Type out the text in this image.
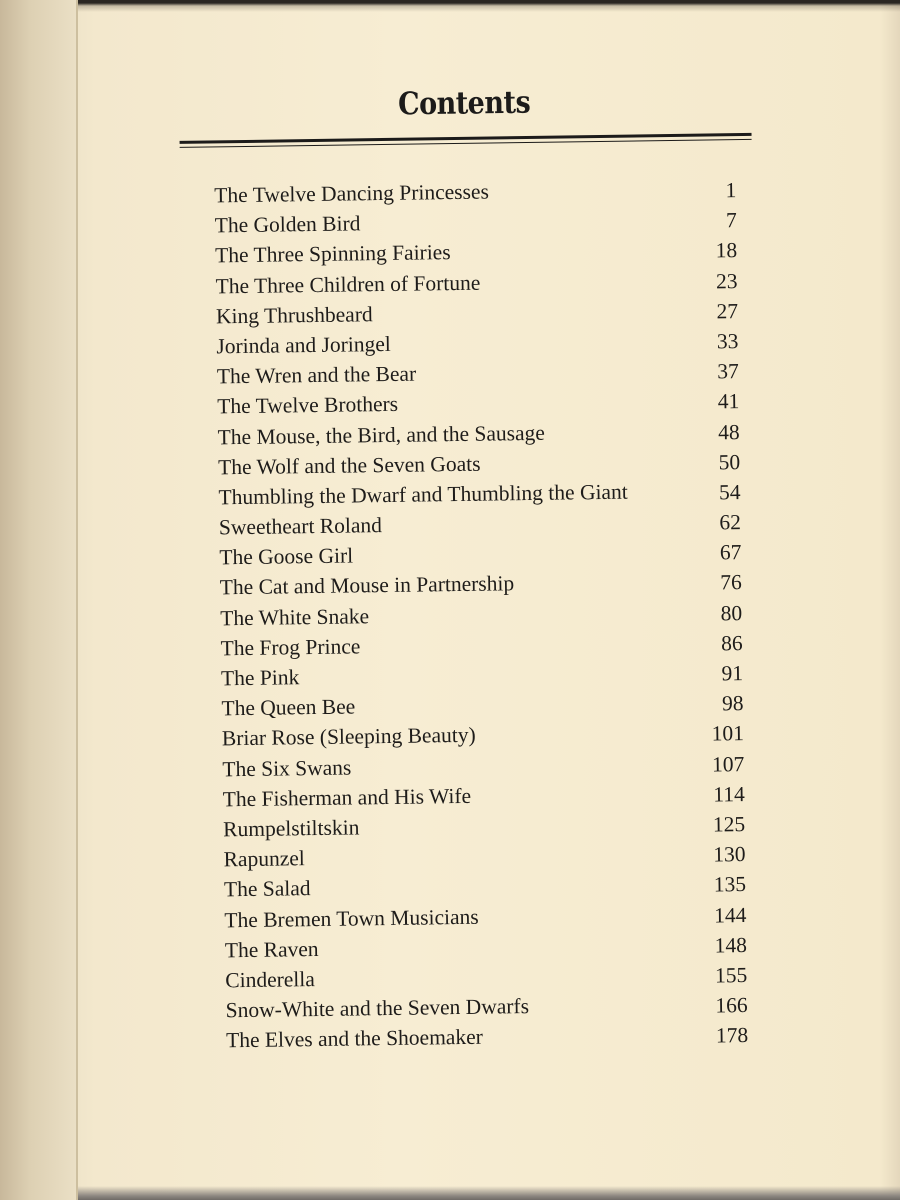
Contents
The Twelve Dancing Princesses	1
The Golden Bird	7
The Three Spinning Fairies	18
The Three Children of Fortune	23
King Thrushbeard	27
Jorinda and Joringel	33
The Wren and the Bear	37
The Twelve Brothers	41
The Mouse, the Bird, and the Sausage	48
The Wolf and the Seven Goats	50
Thumbling the Dwarf and Thumbling the Giant	54
Sweetheart Roland	62
The Goose Girl	67
The Cat and Mouse in Partnership	76
The White Snake	80
The Frog Prince	86
The Pink	91
The Queen Bee	98
Briar Rose (Sleeping Beauty)	101
The Six Swans	107
The Fisherman and His Wife	114
Rumpelstiltskin	125
Rapunzel	130
The Salad	135
The Bremen Town Musicians	144
The Raven	148
Cinderella	155
Snow-White and the Seven Dwarfs	166
The Elves and the Shoemaker	178
